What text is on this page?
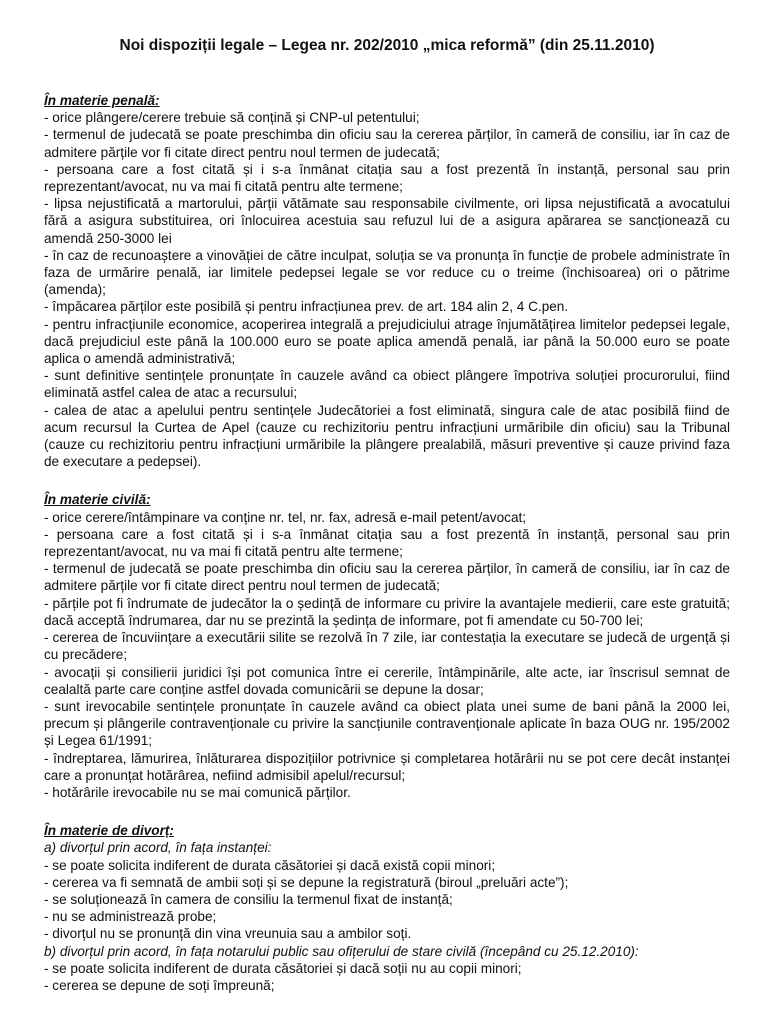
Noi dispoziții legale – Legea nr. 202/2010 „mica reformă” (din 25.11.2010)
În materie penală:

- orice plângere/cerere trebuie să conțină și CNP-ul petentului;

- termenul de judecată se poate preschimba din oficiu sau la cererea părților, în cameră de consiliu, iar în caz de admitere părțile vor fi citate direct pentru noul termen de judecată;

- persoana care a fost citată și i s-a înmânat citația sau a fost prezentă în instanță, personal sau prin reprezentant/avocat, nu va mai fi citată pentru alte termene;

- lipsa nejustificată a martorului, părții vătămate sau responsabile civilmente, ori lipsa nejustificată a avocatului fără a asigura substituirea, ori înlocuirea acestuia sau refuzul lui de a asigura apărarea se sancționează cu amendă 250-3000 lei

- în caz de recunoaștere a vinovăției de către inculpat, soluția se va pronunța în funcție de probele administrate în faza de urmărire penală, iar limitele pedepsei legale se vor reduce cu o treime (închisoarea) ori o pătrime (amenda);

- împăcarea părților este posibilă și pentru infracțiunea prev. de art. 184 alin 2, 4 C.pen.

- pentru infracțiunile economice, acoperirea integrală a prejudiciului atrage înjumătățirea limitelor pedepsei legale, dacă prejudiciul este până la 100.000 euro se poate aplica amendă penală, iar până la 50.000 euro se poate aplica o amendă administrativă;

- sunt definitive sentințele pronunțate în cauzele având ca obiect plângere împotriva soluției procurorului, fiind eliminată astfel calea de atac a recursului;

- calea de atac a apelului pentru sentințele Judecătoriei a fost eliminată, singura cale de atac posibilă fiind de acum recursul la Curtea de Apel (cauze cu rechizitoriu pentru infracțiuni urmăribile din oficiu) sau la Tribunal (cauze cu rechizitoriu pentru infracțiuni urmăribile la plângere prealabilă, măsuri preventive și cauze privind faza de executare a pedepsei).

În materie civilă:

- orice cerere/întâmpinare va conține nr. tel, nr. fax, adresă e-mail petent/avocat;

- persoana care a fost citată și i s-a înmânat citația sau a fost prezentă în instanță, personal sau prin reprezentant/avocat, nu va mai fi citată pentru alte termene;

- termenul de judecată se poate preschimba din oficiu sau la cererea părților, în cameră de consiliu, iar în caz de admitere părțile vor fi citate direct pentru noul termen de judecată;

- părțile pot fi îndrumate de judecător la o ședință de informare cu privire la avantajele medierii, care este gratuită; dacă acceptă îndrumarea, dar nu se prezintă la ședința de informare, pot fi amendate cu 50-700 lei;

- cererea de încuviințare a executării silite se rezolvă în 7 zile, iar contestația la executare se judecă de urgență și cu precădere;

- avocații și consilierii juridici își pot comunica între ei cererile, întâmpinările, alte acte, iar înscrisul semnat de cealaltă parte care conține astfel dovada comunicării se depune la dosar;

- sunt irevocabile sentințele pronunțate în cauzele având ca obiect plata unei sume de bani până la 2000 lei, precum și plângerile contravenționale cu privire la sancțiunile contravenționale aplicate în baza OUG nr. 195/2002 și Legea 61/1991;

- îndreptarea, lămurirea, înlăturarea dispozițiilor potrivnice și completarea hotărârii nu se pot cere decât instanței care a pronunțat hotărârea, nefiind admisibil apelul/recursul;

- hotărârile irevocabile nu se mai comunică părților.

În materie de divorț:
a) divorțul prin acord, în fața instanței:

- se poate solicita indiferent de durata căsătoriei și dacă există copii minori;

- cererea va fi semnată de ambii soți și se depune la registratură (biroul „preluări acte”);

- se soluționează în camera de consiliu la termenul fixat de instanță;

- nu se administrează probe;

- divorțul nu se pronunță din vina vreunuia sau a ambilor soți.

b) divorțul prin acord, în fața notarului public sau ofițerului de stare civilă (începând cu 25.12.2010):

- se poate solicita indiferent de durata căsătoriei și dacă soții nu au copii minori;

- cererea se depune de soți împreună;
